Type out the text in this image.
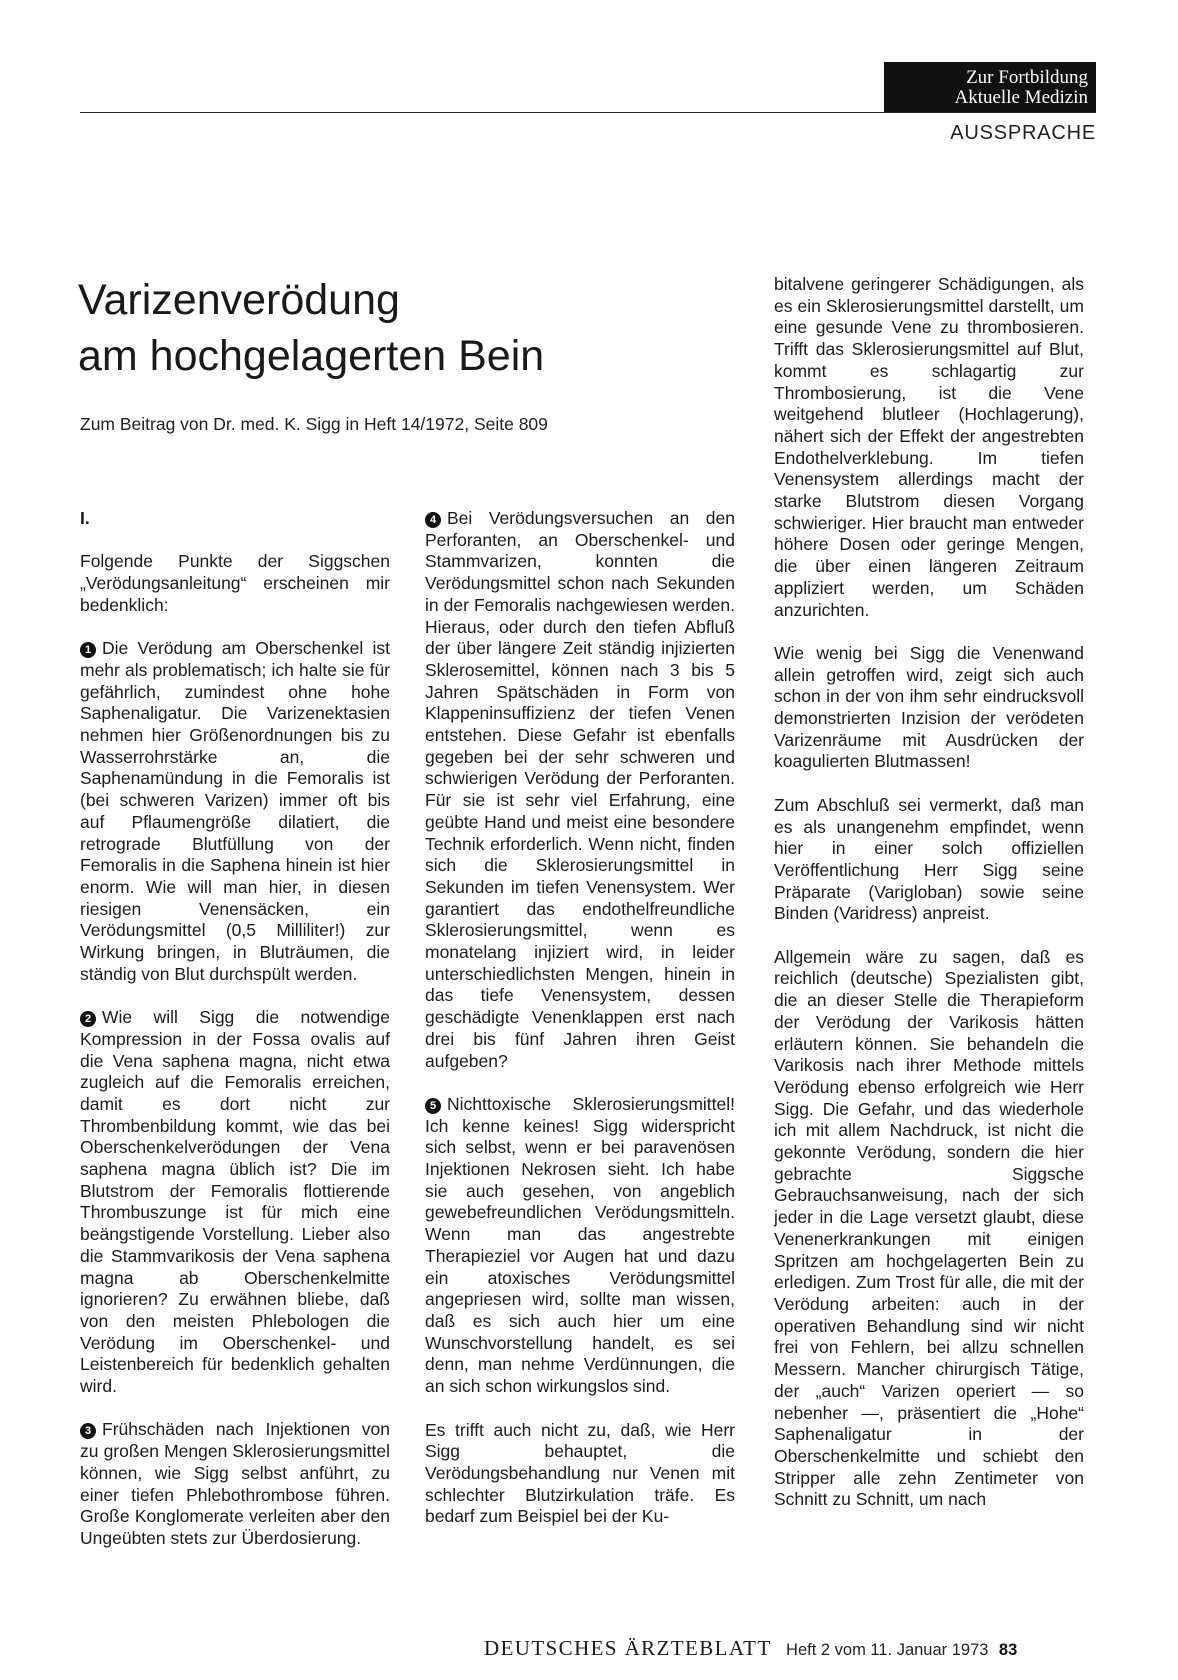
Zur Fortbildung
Aktuelle Medizin
AUSSPRACHE
Varizenverödung
am hochgelagerten Bein
Zum Beitrag von Dr. med. K. Sigg in Heft 14/1972, Seite 809

I.

Folgende Punkte der Siggschen „Verödungsanleitung“ erscheinen mir bedenklich:

1 Die Verödung am Oberschenkel ist mehr als problematisch; ich halte sie für gefährlich, zumindest ohne hohe Saphenaligatur. Die Varizenektasien nehmen hier Größenordnungen bis zu Wasserrohrstärke an, die Saphenamündung in die Femoralis ist (bei schweren Varizen) immer oft bis auf Pflaumengröße dilatiert, die retrograde Blutfüllung von der Femoralis in die Saphena hinein ist hier enorm. Wie will man hier, in diesen riesigen Venensäcken, ein Verödungsmittel (0,5 Milliliter!) zur Wirkung bringen, in Bluträumen, die ständig von Blut durchspült werden.

2 Wie will Sigg die notwendige Kompression in der Fossa ovalis auf die Vena saphena magna, nicht etwa zugleich auf die Femoralis erreichen, damit es dort nicht zur Thrombenbildung kommt, wie das bei Oberschenkelverödungen der Vena saphena magna üblich ist? Die im Blutstrom der Femoralis flottierende Thrombuszunge ist für mich eine beängstigende Vorstellung. Lieber also die Stammvarikosis der Vena saphena magna ab Oberschenkelmitte ignorieren? Zu erwähnen bliebe, daß von den meisten Phlebologen die Verödung im Oberschenkel- und Leistenbereich für bedenklich gehalten wird.

3 Frühschäden nach Injektionen von zu großen Mengen Sklerosierungsmittel können, wie Sigg selbst anführt, zu einer tiefen Phlebothrombose führen. Große Konglomerate verleiten aber den Ungeübten stets zur Überdosierung.

4 Bei Verödungsversuchen an den Perforanten, an Oberschenkel- und Stammvarizen, konnten die Verödungsmittel schon nach Sekunden in der Femoralis nachgewiesen werden. Hieraus, oder durch den tiefen Abfluß der über längere Zeit ständig injizierten Sklerosemittel, können nach 3 bis 5 Jahren Spätschäden in Form von Klappeninsuffizienz der tiefen Venen entstehen. Diese Gefahr ist ebenfalls gegeben bei der sehr schweren und schwierigen Verödung der Perforanten. Für sie ist sehr viel Erfahrung, eine geübte Hand und meist eine besondere Technik erforderlich. Wenn nicht, finden sich die Sklerosierungsmittel in Sekunden im tiefen Venensystem. Wer garantiert das endothelfreundliche Sklerosierungsmittel, wenn es monatelang injiziert wird, in leider unterschiedlichsten Mengen, hinein in das tiefe Venensystem, dessen geschädigte Venenklappen erst nach drei bis fünf Jahren ihren Geist aufgeben?

5 Nichttoxische Sklerosierungsmittel! Ich kenne keines! Sigg widerspricht sich selbst, wenn er bei paravenösen Injektionen Nekrosen sieht. Ich habe sie auch gesehen, von angeblich gewebefreundlichen Verödungsmitteln. Wenn man das angestrebte Therapieziel vor Augen hat und dazu ein atoxisches Verödungsmittel angepriesen wird, sollte man wissen, daß es sich auch hier um eine Wunschvorstellung handelt, es sei denn, man nehme Verdünnungen, die an sich schon wirkungslos sind.

Es trifft auch nicht zu, daß, wie Herr Sigg behauptet, die Verödungsbehandlung nur Venen mit schlechter Blutzirkulation träfe. Es bedarf zum Beispiel bei der Ku-

bitalvene geringerer Schädigungen, als es ein Sklerosierungsmittel darstellt, um eine gesunde Vene zu thrombosieren. Trifft das Sklerosierungsmittel auf Blut, kommt es schlagartig zur Thrombosierung, ist die Vene weitgehend blutleer (Hochlagerung), nähert sich der Effekt der angestrebten Endothelverklebung. Im tiefen Venensystem allerdings macht der starke Blutstrom diesen Vorgang schwieriger. Hier braucht man entweder höhere Dosen oder geringe Mengen, die über einen längeren Zeitraum appliziert werden, um Schäden anzurichten.

Wie wenig bei Sigg die Venenwand allein getroffen wird, zeigt sich auch schon in der von ihm sehr eindrucksvoll demonstrierten Inzision der verödeten Varizenräume mit Ausdrücken der koagulierten Blutmassen!

Zum Abschluß sei vermerkt, daß man es als unangenehm empfindet, wenn hier in einer solch offiziellen Veröffentlichung Herr Sigg seine Präparate (Varigloban) sowie seine Binden (Varidress) anpreist.

Allgemein wäre zu sagen, daß es reichlich (deutsche) Spezialisten gibt, die an dieser Stelle die Therapieform der Verödung der Varikosis hätten erläutern können. Sie behandeln die Varikosis nach ihrer Methode mittels Verödung ebenso erfolgreich wie Herr Sigg. Die Gefahr, und das wiederhole ich mit allem Nachdruck, ist nicht die gekonnte Verödung, sondern die hier gebrachte Siggsche Gebrauchsanweisung, nach der sich jeder in die Lage versetzt glaubt, diese Venenerkrankungen mit einigen Spritzen am hochgelagerten Bein zu erledigen. Zum Trost für alle, die mit der Verödung arbeiten: auch in der operativen Behandlung sind wir nicht frei von Fehlern, bei allzu schnellen Messern. Mancher chirurgisch Tätige, der „auch“ Varizen operiert — so nebenher —, präsentiert die „Hohe“ Saphenaligatur in der Oberschenkelmitte und schiebt den Stripper alle zehn Zentimeter von Schnitt zu Schnitt, um nach

DEUTSCHES ÄRZTEBLATT Heft 2 vom 11. Januar 1973 83
